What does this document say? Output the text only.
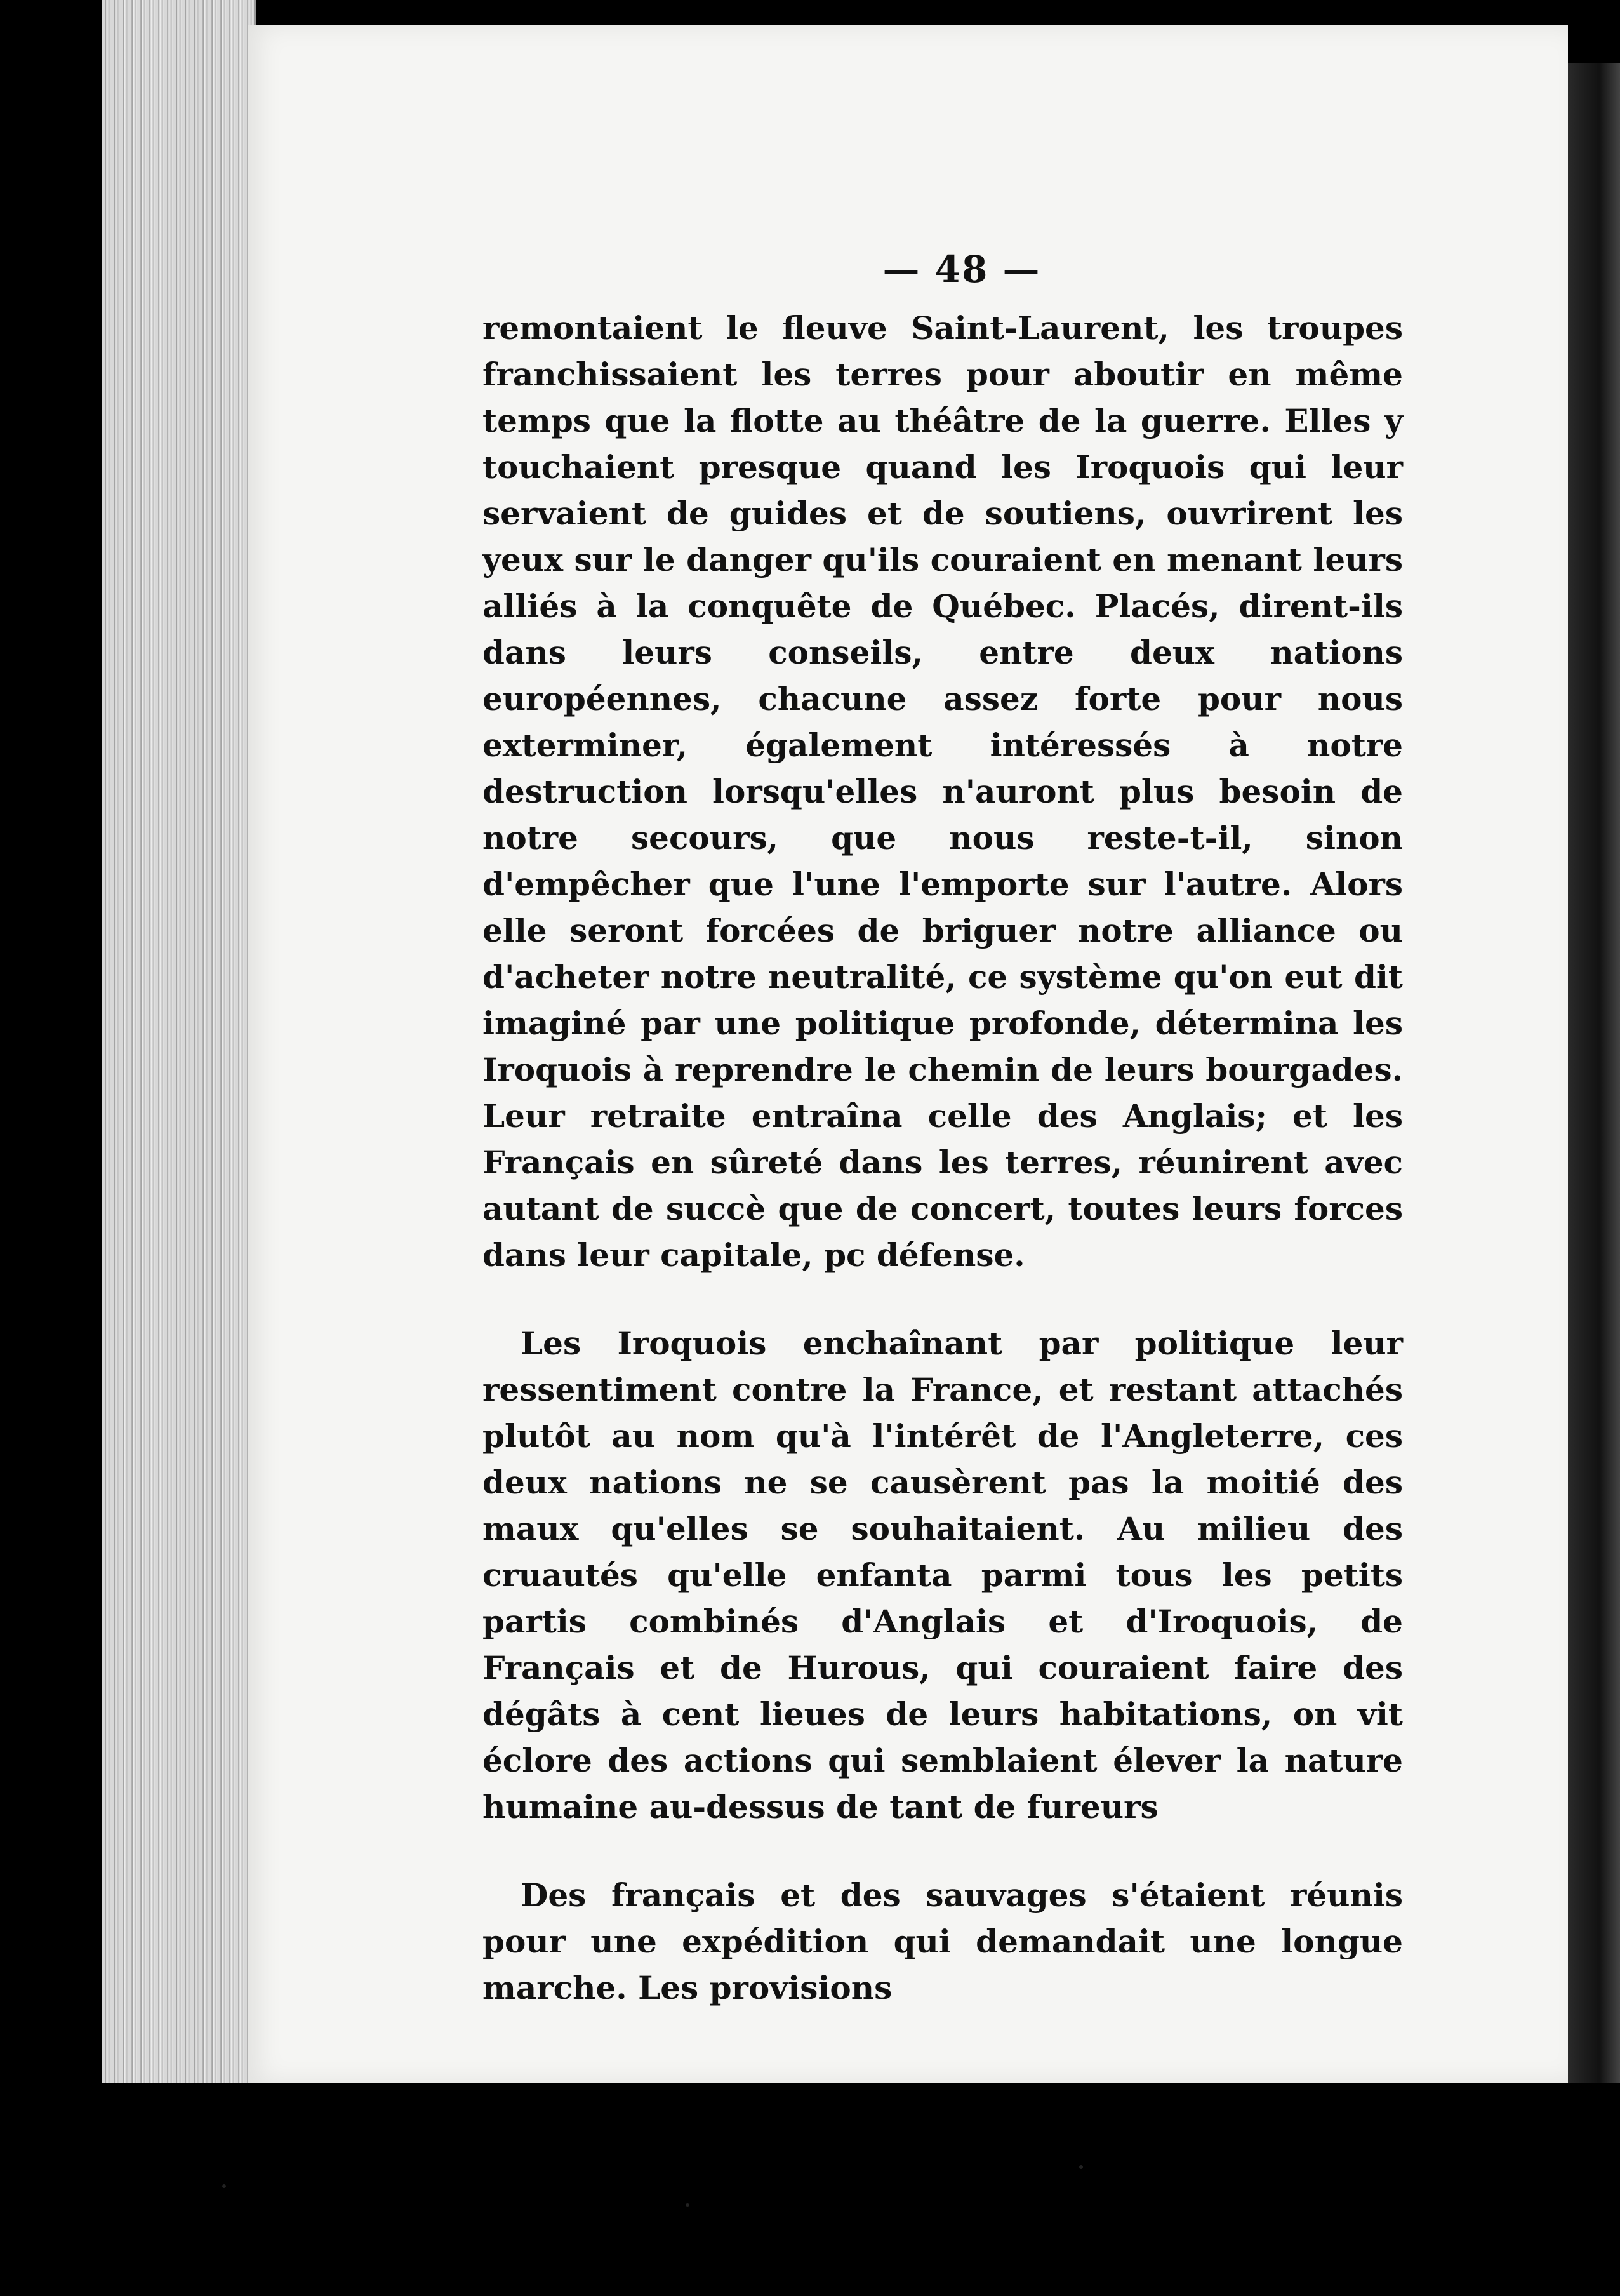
— 48 —

remontaient le fleuve Saint-Laurent, les troupes franchissaient les terres pour aboutir en même temps que la flotte au théâtre de la guerre. Elles y touchaient presque quand les Iroquois qui leur servaient de guides et de soutiens, ouvrirent les yeux sur le danger qu'ils couraient en menant leurs alliés à la conquête de Québec. Placés, dirent-ils dans leurs conseils, entre deux nations européennes, chacune assez forte pour nous exterminer, également intéressés à notre destruction lorsqu'elles n'auront plus besoin de notre secours, que nous reste-t-il, sinon d'empêcher que l'une l'emporte sur l'autre. Alors elle seront forcées de briguer notre alliance ou d'acheter notre neutralité, ce système qu'on eut dit imaginé par une politique profonde, détermina les Iroquois à reprendre le chemin de leurs bourgades. Leur retraite entraîna celle des Anglais; et les Français en sûreté dans les terres, réunirent avec autant de succè que de concert, toutes leurs forces dans leur capitale, pc défense.

Les Iroquois enchaînant par politique leur ressentiment contre la France, et restant attachés plutôt au nom qu'à l'intérêt de l'Angleterre, ces deux nations ne se causèrent pas la moitié des maux qu'elles se souhaitaient. Au milieu des cruautés qu'elle enfanta parmi tous les petits partis combinés d'Anglais et d'Iroquois, de Français et de Hurous, qui couraient faire des dégâts à cent lieues de leurs habitations, on vit éclore des actions qui semblaient élever la nature humaine au-dessus de tant de fureurs

Des français et des sauvages s'étaient réunis pour une expédition qui demandait une longue marche. Les provisions
